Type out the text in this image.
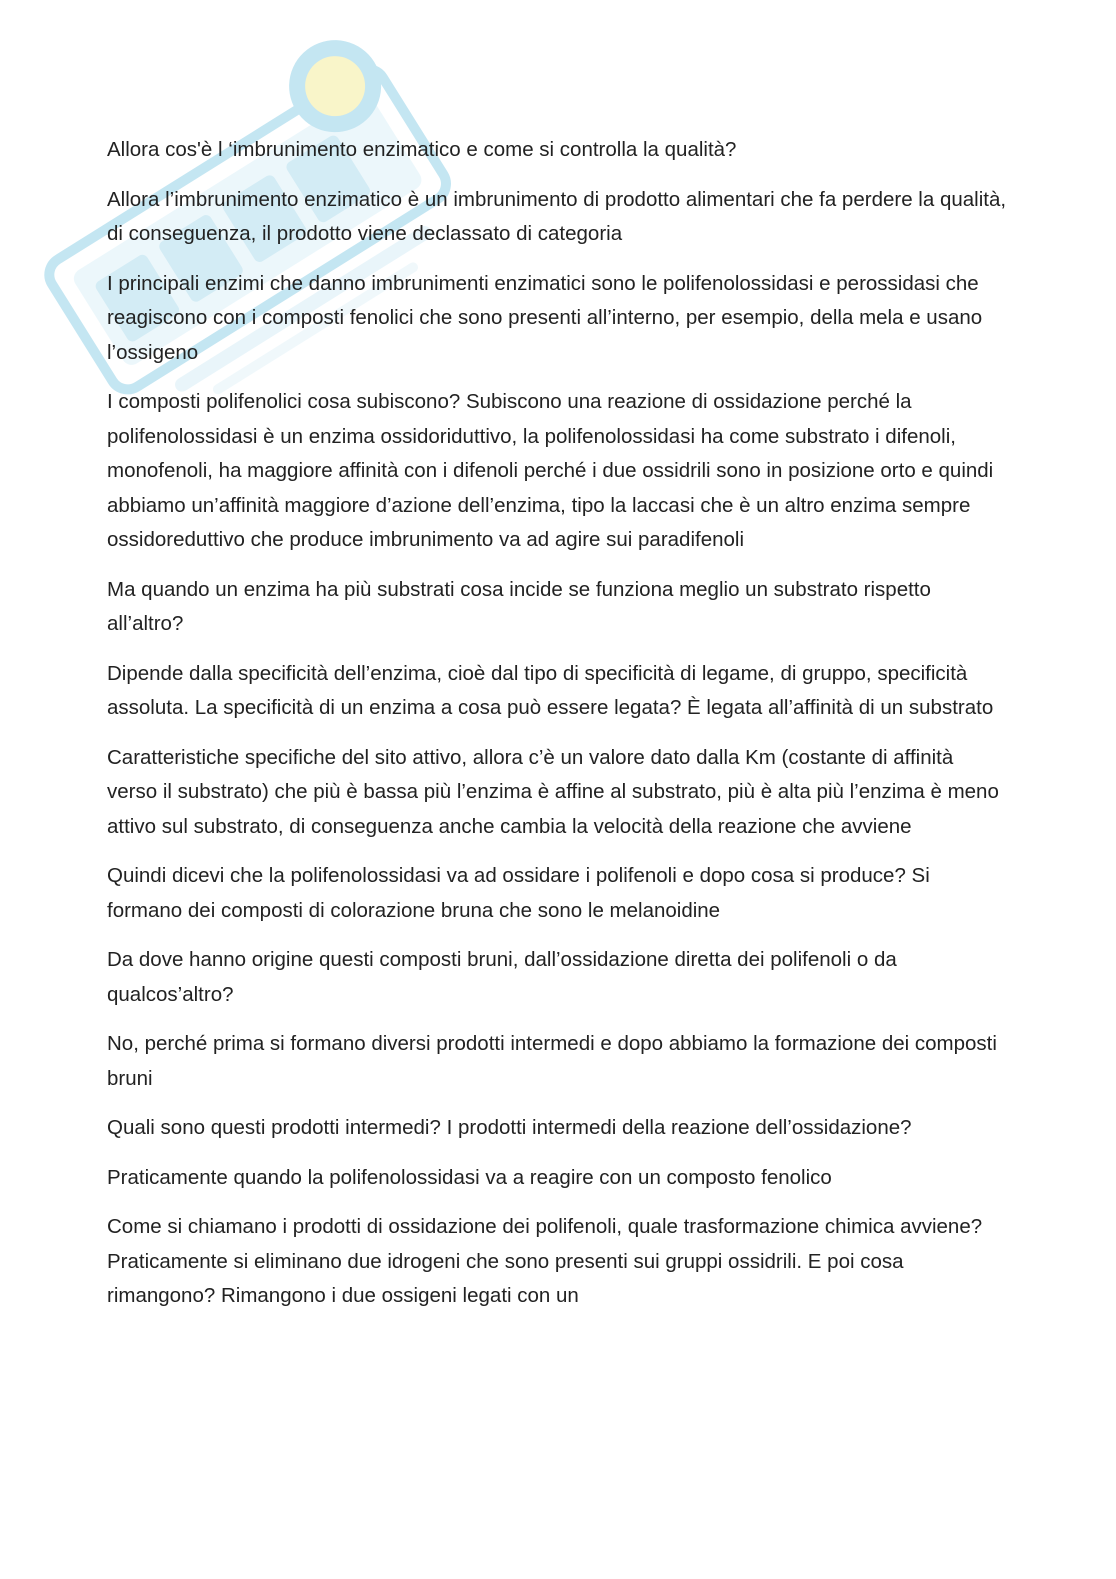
Allora cos'è l ‘imbrunimento enzimatico e come si controlla la qualità?

Allora l’imbrunimento enzimatico è un imbrunimento di prodotto alimentari che fa perdere la qualità, di conseguenza, il prodotto viene declassato di categoria

I principali enzimi che danno imbrunimenti enzimatici sono le polifenolossidasi e perossidasi che reagiscono con i composti fenolici che sono presenti all’interno, per esempio, della mela e usano l’ossigeno

I composti polifenolici cosa subiscono? Subiscono una reazione di ossidazione perché la polifenolossidasi è un enzima ossidoriduttivo, la polifenolossidasi ha come substrato i difenoli, monofenoli, ha maggiore affinità con i difenoli perché i due ossidrili sono in posizione orto e quindi abbiamo un’affinità maggiore d’azione dell’enzima, tipo la laccasi che è un altro enzima sempre ossidoreduttivo che produce imbrunimento va ad agire sui paradifenoli

Ma quando un enzima ha più substrati cosa incide se funziona meglio un substrato rispetto all’altro?

Dipende dalla specificità dell’enzima, cioè dal tipo di specificità di legame, di gruppo, specificità assoluta. La specificità di un enzima a cosa può essere legata? È legata all’affinità di un substrato

Caratteristiche specifiche del sito attivo, allora c’è un valore dato dalla Km (costante di affinità verso il substrato) che più è bassa più l’enzima è affine al substrato, più è alta più l’enzima è meno attivo sul substrato, di conseguenza anche cambia la velocità della reazione che avviene

Quindi dicevi che la polifenolossidasi va ad ossidare i polifenoli e dopo cosa si produce? Si formano dei composti di colorazione bruna che sono le melanoidine

Da dove hanno origine questi composti bruni, dall’ossidazione diretta dei polifenoli o da qualcos’altro?

No, perché prima si formano diversi prodotti intermedi e dopo abbiamo la formazione dei composti bruni

Quali sono questi prodotti intermedi? I prodotti intermedi della reazione dell’ossidazione?

Praticamente quando la polifenolossidasi va a reagire con un composto fenolico

Come si chiamano i prodotti di ossidazione dei polifenoli, quale trasformazione chimica avviene? Praticamente si eliminano due idrogeni che sono presenti sui gruppi ossidrili. E poi cosa rimangono? Rimangono i due ossigeni legati con un
